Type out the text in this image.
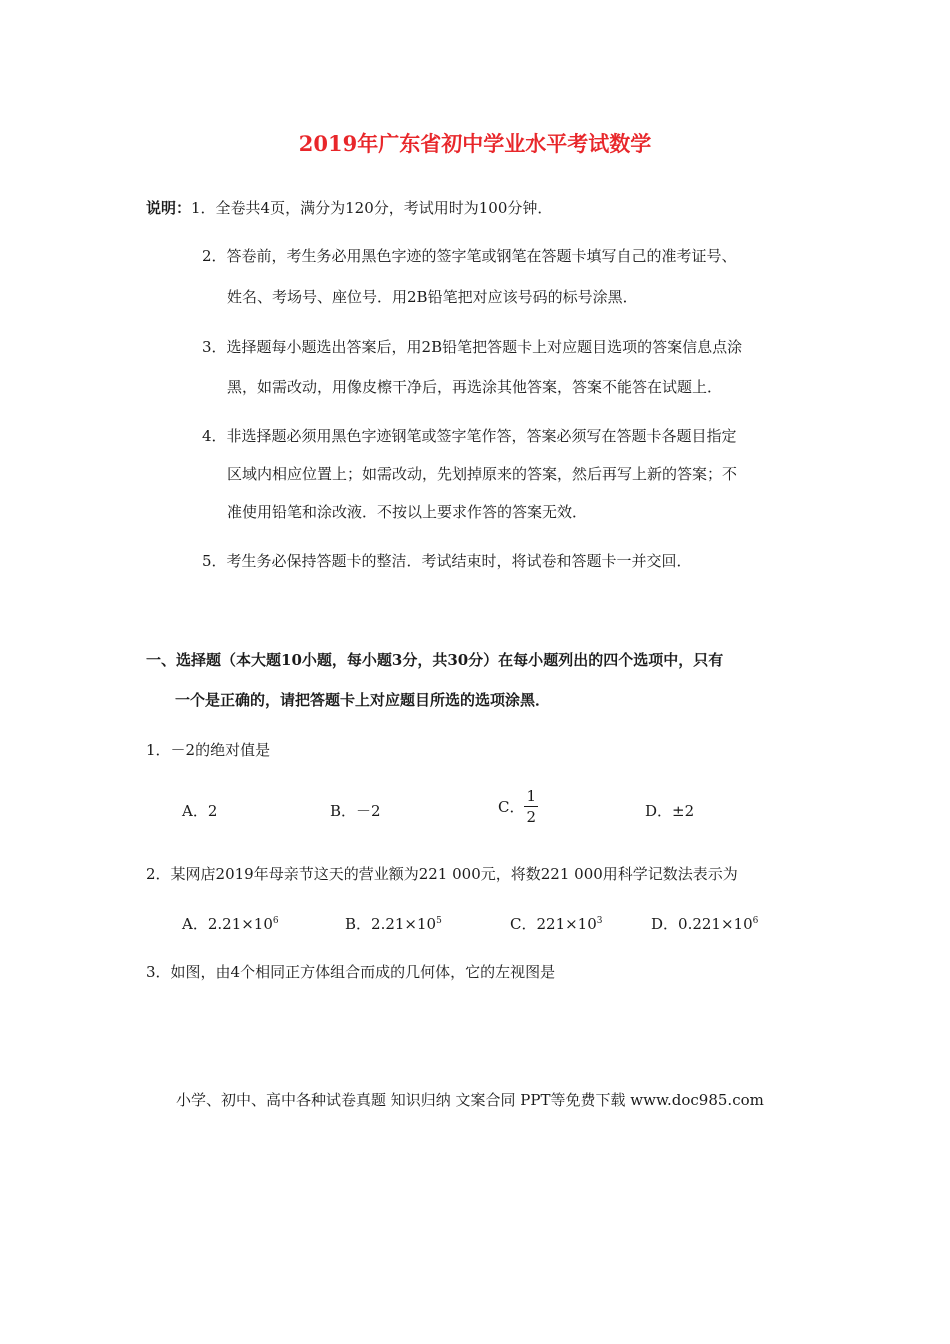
2019年广东省初中学业水平考试数学
说明：1．全卷共4页，满分为120分，考试用时为100分钟．
2．答卷前，考生务必用黑色字迹的签字笔或钢笔在答题卡填写自己的准考证号、
姓名、考场号、座位号．用2B铅笔把对应该号码的标号涂黑．
3．选择题每小题选出答案后，用2B铅笔把答题卡上对应题目选项的答案信息点涂
黑，如需改动，用像皮檫干净后，再选涂其他答案，答案不能答在试题上．
4．非选择题必须用黑色字迹钢笔或签字笔作答，答案必须写在答题卡各题目指定
区域内相应位置上；如需改动，先划掉原来的答案，然后再写上新的答案；不
准使用铅笔和涂改液．不按以上要求作答的答案无效．
5．考生务必保持答题卡的整洁．考试结束时，将试卷和答题卡一并交回．
一、选择题（本大题10小题，每小题3分，共30分）在每小题列出的四个选项中，只有
一个是正确的，请把答题卡上对应题目所选的选项涂黑．
1．－2的绝对值是
A．2	B．－2	C． $\frac{1}{2}$	D．±2
2．某网店2019年母亲节这天的营业额为221 000元，将数221 000用科学记数法表示为
A．$2.21\times 10^6$	B．$2.21\times 10^5$	C．$221\times 10^3$	D．$0.221\times 10^6$
3．如图，由4个相同正方体组合而成的几何体，它的左视图是
小学、初中、高中各种试卷真题 知识归纳 文案合同 PPT等免费下载 www.doc985.com
